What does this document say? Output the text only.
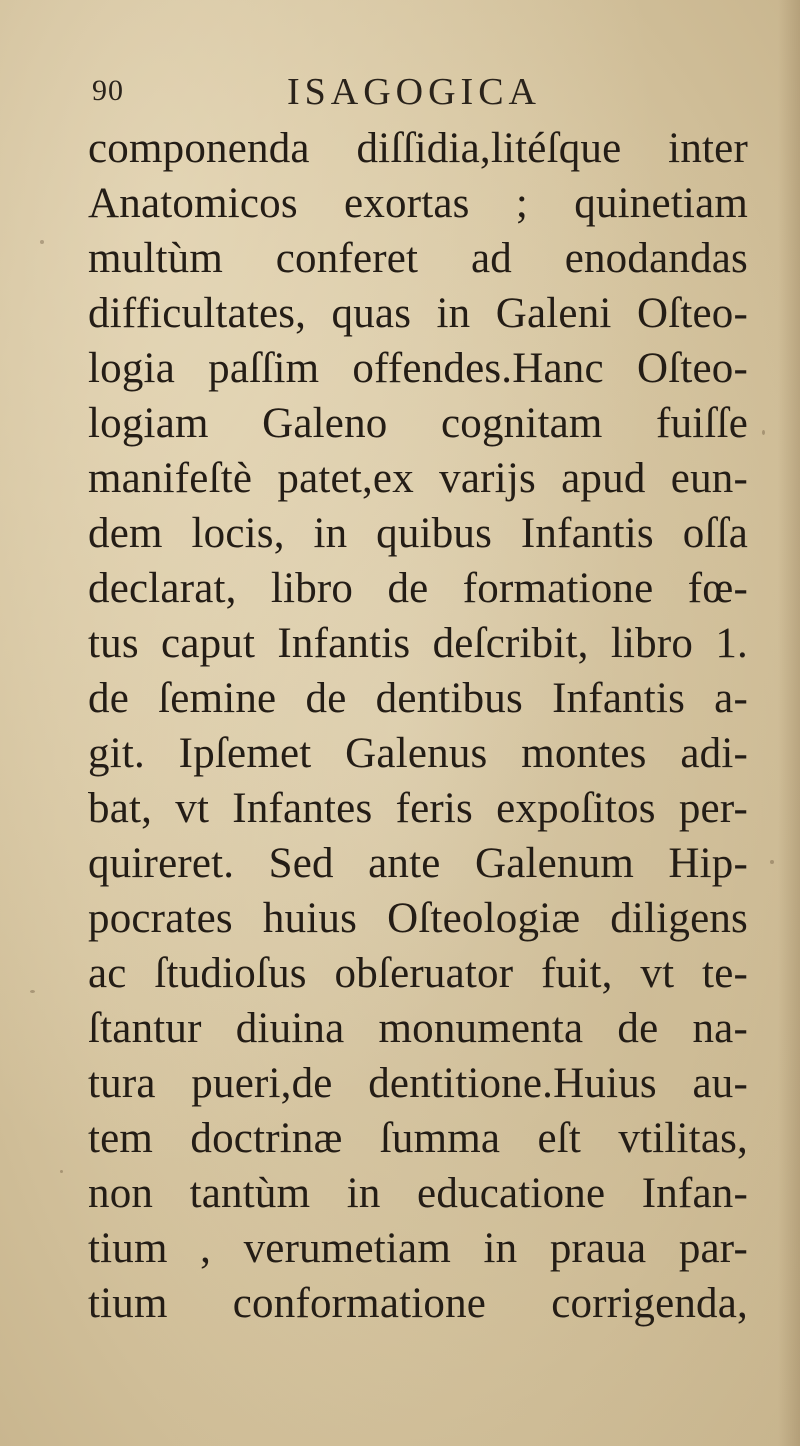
90	ISAGOGICA
componenda diſſidia,litéſque inter
Anatomicos exortas ; quinetiam
multùm conferet ad enodandas
difficultates, quas in Galeni Oſteo-
logia paſſim offendes.Hanc Oſteo-
logiam Galeno cognitam fuiſſe
manifeſtè patet,ex varijs apud eun-
dem locis, in quibus Infantis oſſa
declarat, libro de formatione fœ-
tus caput Infantis deſcribit, libro 1.
de ſemine de dentibus Infantis a-
git. Ipſemet Galenus montes adi-
bat, vt Infantes feris expoſitos per-
quireret. Sed ante Galenum Hip-
pocrates huius Oſteologiæ diligens
ac ſtudioſus obſeruator fuit, vt te-
ſtantur diuina monumenta de na-
tura pueri,de dentitione.Huius au-
tem doctrinæ ſumma eſt vtilitas,
non tantùm in educatione Infan-
tium , verumetiam in praua par-
tium conformatione corrigenda,
